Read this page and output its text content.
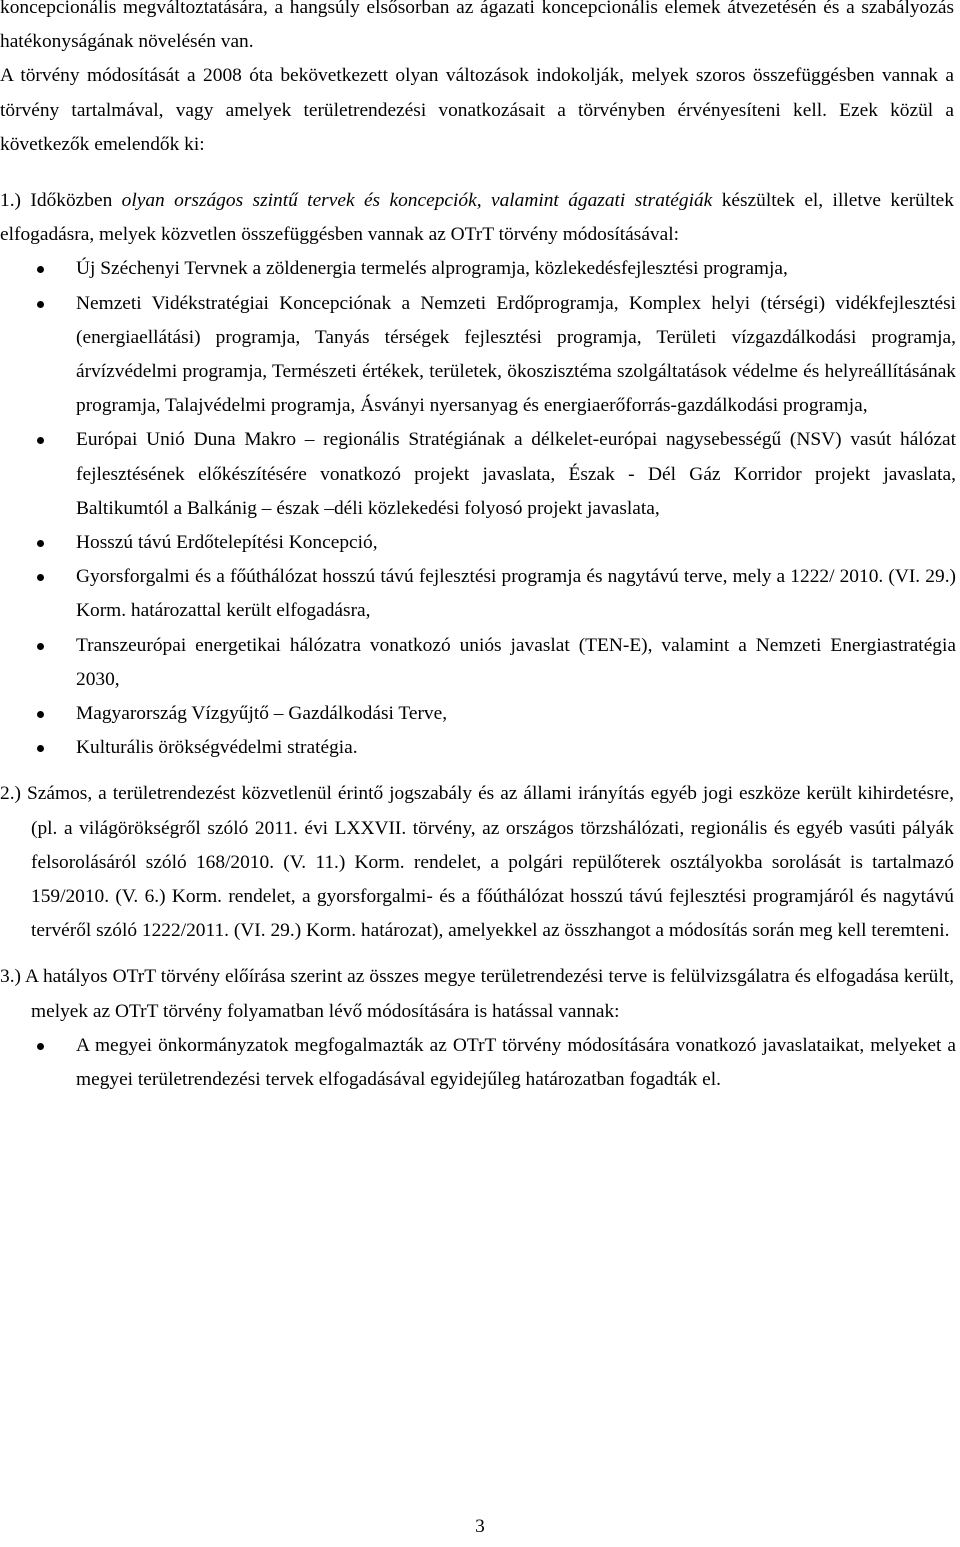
koncepcionális megváltoztatására, a hangsúly elsősorban az ágazati koncepcionális elemek átvezetésén és a szabályozás hatékonyságának növelésén van.

A törvény módosítását a 2008 óta bekövetkezett olyan változások indokolják, melyek szoros összefüggésben vannak a törvény tartalmával, vagy amelyek területrendezési vonatkozásait a törvényben érvényesíteni kell. Ezek közül a következők emelendők ki:

1.) Időközben olyan országos szintű tervek és koncepciók, valamint ágazati stratégiák készültek el, illetve kerültek elfogadásra, melyek közvetlen összefüggésben vannak az OTrT törvény módosításával:

Új Széchenyi Tervnek a zöldenergia termelés alprogramja, közlekedésfejlesztési programja,
Nemzeti Vidékstratégiai Koncepciónak a Nemzeti Erdőprogramja, Komplex helyi (térségi) vidékfejlesztési (energiaellátási) programja, Tanyás térségek fejlesztési programja, Területi vízgazdálkodási programja, árvízvédelmi programja, Természeti értékek, területek, ökoszisztéma szolgáltatások védelme és helyreállításának programja, Talajvédelmi programja, Ásványi nyersanyag és energiaerőforrás-gazdálkodási programja,
Európai Unió Duna Makro – regionális Stratégiának a délkelet-európai nagysebességű (NSV) vasút hálózat fejlesztésének előkészítésére vonatkozó projekt javaslata, Észak - Dél Gáz Korridor projekt javaslata, Baltikumtól a Balkánig – észak –déli közlekedési folyosó projekt javaslata,
Hosszú távú Erdőtelepítési Koncepció,
Gyorsforgalmi és a főúthálózat hosszú távú fejlesztési programja és nagytávú terve, mely a 1222/ 2010. (VI. 29.) Korm. határozattal került elfogadásra,
Transzeurópai energetikai hálózatra vonatkozó uniós javaslat (TEN-E), valamint a Nemzeti Energiastratégia 2030,
Magyarország Vízgyűjtő – Gazdálkodási Terve,
Kulturális örökségvédelmi stratégia.

2.) Számos, a területrendezést közvetlenül érintő jogszabály és az állami irányítás egyéb jogi eszköze került kihirdetésre, (pl. a világörökségről szóló 2011. évi LXXVII. törvény, az országos törzshálózati, regionális és egyéb vasúti pályák felsorolásáról szóló 168/2010. (V. 11.) Korm. rendelet, a polgári repülőterek osztályokba sorolását is tartalmazó 159/2010. (V. 6.) Korm. rendelet, a gyorsforgalmi- és a főúthálózat hosszú távú fejlesztési programjáról és nagytávú tervéről szóló 1222/2011. (VI. 29.) Korm. határozat), amelyekkel az összhangot a módosítás során meg kell teremteni.

3.) A hatályos OTrT törvény előírása szerint az összes megye területrendezési terve is felülvizsgálatra és elfogadása került, melyek az OTrT törvény folyamatban lévő módosítására is hatással vannak:

A megyei önkormányzatok megfogalmazták az OTrT törvény módosítására vonatkozó javaslataikat, melyeket a megyei területrendezési tervek elfogadásával egyidejűleg határozatban fogadták el.
3
